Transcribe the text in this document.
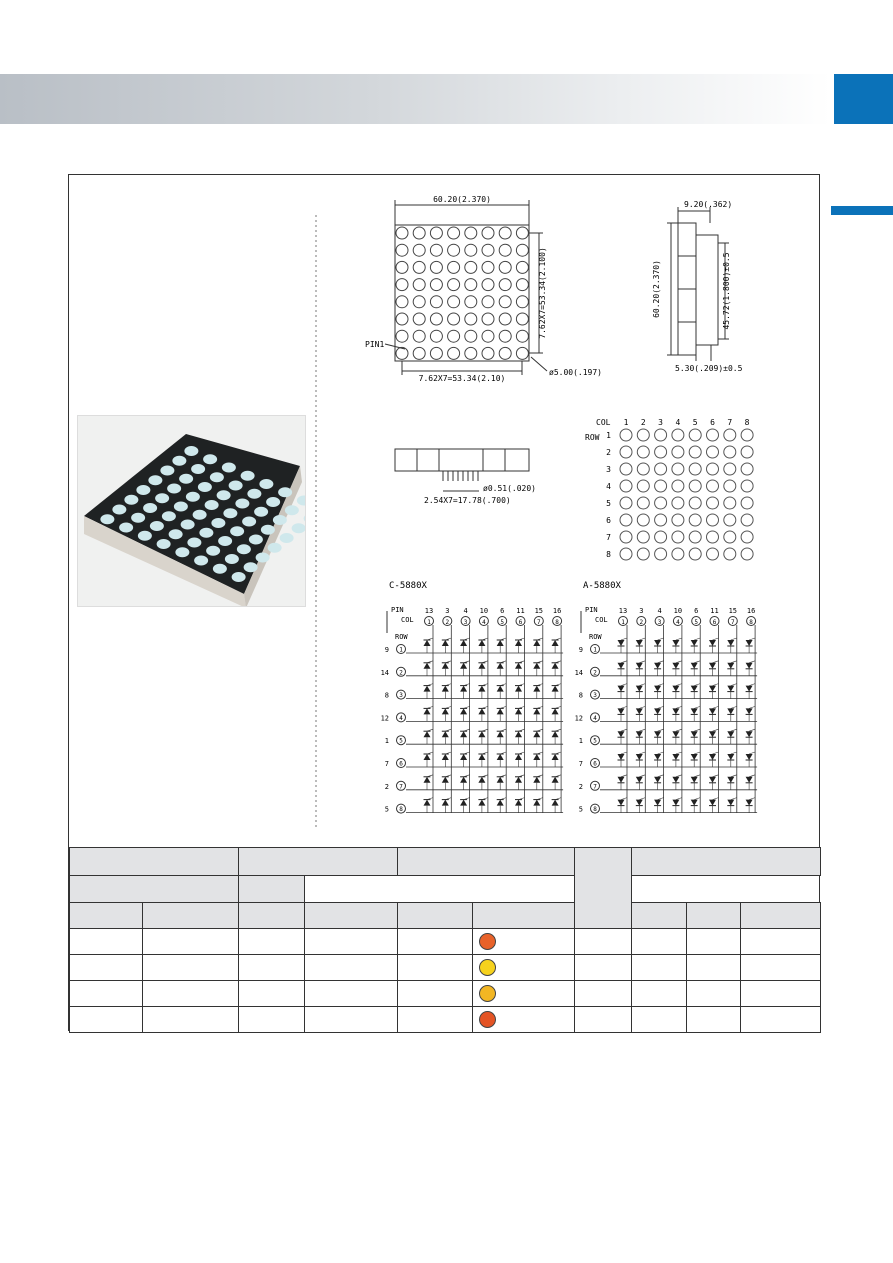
60.20(2.370)
7.62X7=53.34(2.100)
7.62X7=53.34(2.10)
PIN1
ø5.00(.197)
9.20(.362)
60.20(2.370)	45.72(1.800)±0.5
5.30(.209)±0.5
2.54X7=17.78(.700)
ø0.51(.020)
COL
ROW
1 2 3 4 5 6 7 8
1
2
3
4
5
6
7
8
C-5880X
PIN
COL
ROW
13
1
3
2
4
3
10
4
6
5
11
6
15
7
16
8
9 1
14 2
8 3
12 4
1 5
7 6
2 7
5 8
A-5880X
PIN
COL
ROW
13
1
3
2
4
3
10
4
6
5
11
6
15
7
16
8
9 1
14 2
8 3
12 4
1 5
7 6
2 7
5 8
